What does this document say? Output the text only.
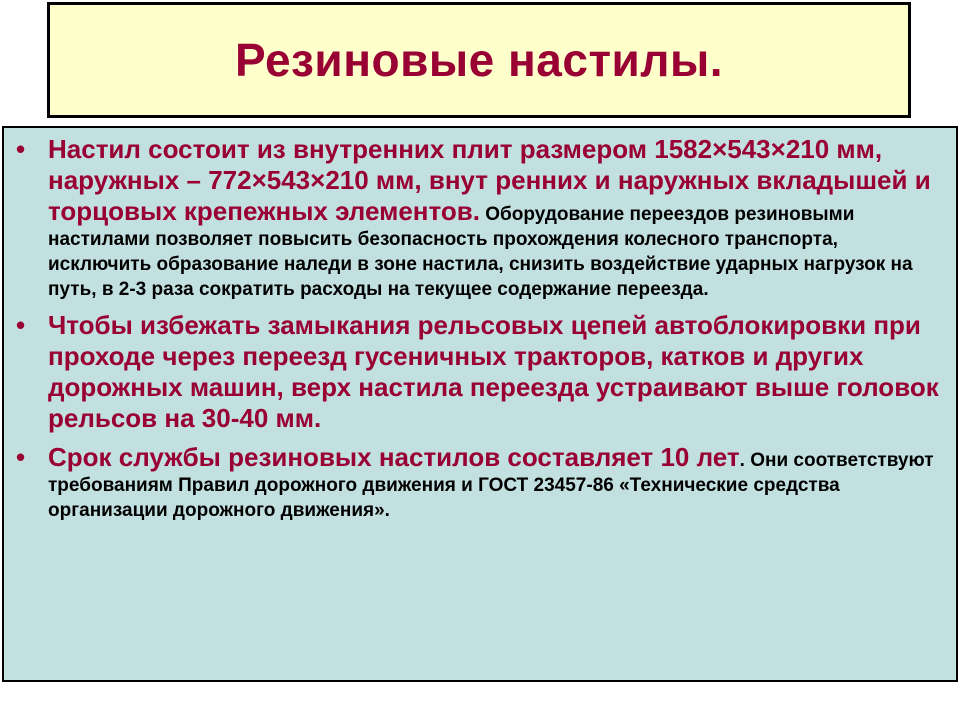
Резиновые настилы.
• Настил состоит из внутренних плит размером 1582×543×210 мм, наружных – 772×543×210 мм, внут ренних и наружных вкладышей и торцовых крепежных элементов. Оборудование переездов резиновыми настилами позволяет повысить безопасность прохождения колесного транспорта, исключить образование наледи в зоне настила, снизить воздействие ударных нагрузок на путь, в 2-3 раза сократить расходы на текущее содержание переезда.
• Чтобы избежать замыкания рельсовых цепей автоблокировки при проходе через переезд гусеничных тракторов, катков и других дорожных машин, верх настила переезда устраивают выше головок рельсов на 30-40 мм.
• Срок службы резиновых настилов составляет 10 лет. Они соответствуют требованиям Правил дорожного движения и ГОСТ 23457-86 «Технические средства организации дорожного движения».
